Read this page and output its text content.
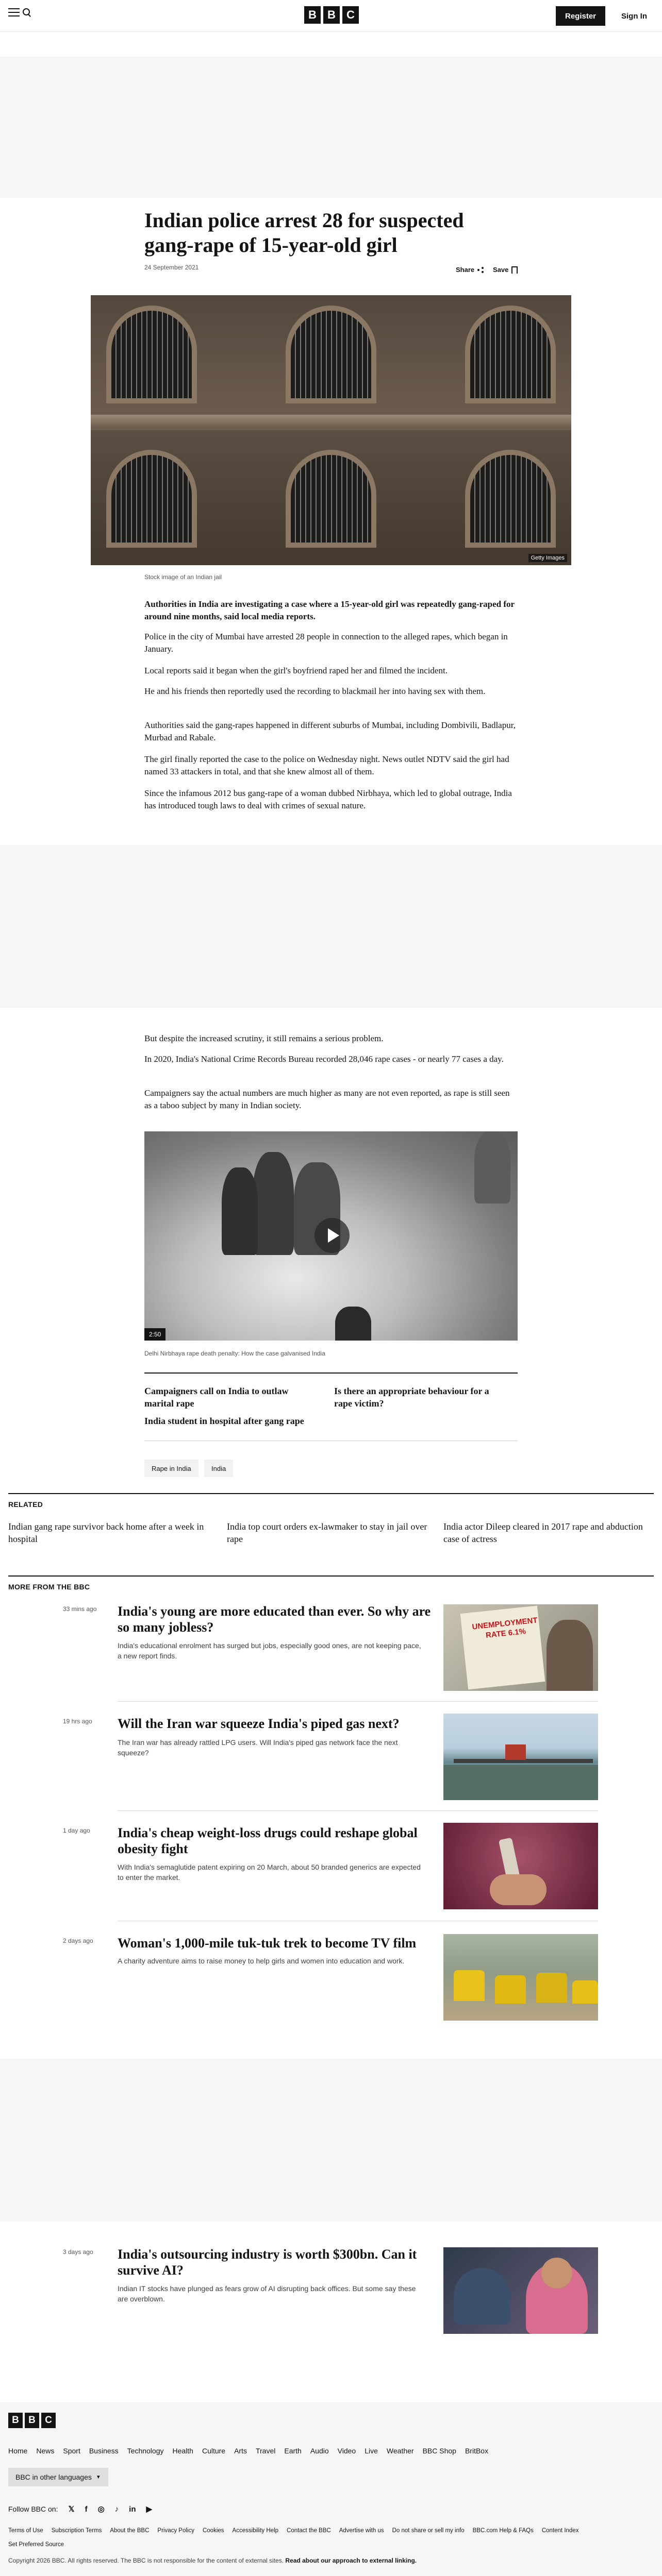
B B C	Register	Sign In
Indian police arrest 28 for suspected gang-rape of 15-year-old girl
24 September 2021	Share	Save
Getty Images
Stock image of an Indian jail

Authorities in India are investigating a case where a 15-year-old girl was repeatedly gang-raped for around nine months, said local media reports.

Police in the city of Mumbai have arrested 28 people in connection to the alleged rapes, which began in January.

Local reports said it began when the girl's boyfriend raped her and filmed the incident.

He and his friends then reportedly used the recording to blackmail her into having sex with them.

Authorities said the gang-rapes happened in different suburbs of Mumbai, including Dombivili, Badlapur, Murbad and Rabale.

The girl finally reported the case to the police on Wednesday night. News outlet NDTV said the girl had named 33 attackers in total, and that she knew almost all of them.

Since the infamous 2012 bus gang-rape of a woman dubbed Nirbhaya, which led to global outrage, India has introduced tough laws to deal with crimes of sexual nature.

But despite the increased scrutiny, it still remains a serious problem.

In 2020, India's National Crime Records Bureau recorded 28,046 rape cases - or nearly 77 cases a day.

Campaigners say the actual numbers are much higher as many are not even reported, as rape is still seen as a taboo subject by many in Indian society.

2:50
Delhi Nirbhaya rape death penalty: How the case galvanised India
Campaigners call on India to outlaw marital rape
Is there an appropriate behaviour for a rape victim?
India student in hospital after gang rape
Rape in India	India
RELATED
Indian gang rape survivor back home after a week in hospital
India top court orders ex-lawmaker to stay in jail over rape
India actor Dileep cleared in 2017 rape and abduction case of actress
MORE FROM THE BBC
33 mins ago India's young are more educated than ever. So why are so many jobless?
India's educational enrolment has surged but jobs, especially good ones, are not keeping pace, a new report finds.
UNEMPLOYMENT RATE 6.1%
19 hrs ago Will the Iran war squeeze India's piped gas next?
The Iran war has already rattled LPG users. Will India's piped gas network face the next squeeze?
1 day ago India's cheap weight-loss drugs could reshape global obesity fight
With India's semaglutide patent expiring on 20 March, about 50 branded generics are expected to enter the market.
2 days ago Woman's 1,000-mile tuk-tuk trek to become TV film
A charity adventure aims to raise money to help girls and women into education and work.
3 days ago India's outsourcing industry is worth $300bn. Can it survive AI?
Indian IT stocks have plunged as fears grow of AI disrupting back offices. But some say these are overblown.
B B C
Home News Sport Business Technology Health Culture Arts Travel Earth Audio Video Live Weather BBC Shop BritBox
BBC in other languages ▼
Follow BBC on: 𝕏 f ◎ ♪ in ▶
Terms of Use Subscription Terms About the BBC Privacy Policy Cookies Accessibility Help Contact the BBC Advertise with us Do not share or sell my info BBC.com Help & FAQs Content Index
Set Preferred Source
Copyright 2026 BBC. All rights reserved. The BBC is not responsible for the content of external sites. Read about our approach to external linking.
